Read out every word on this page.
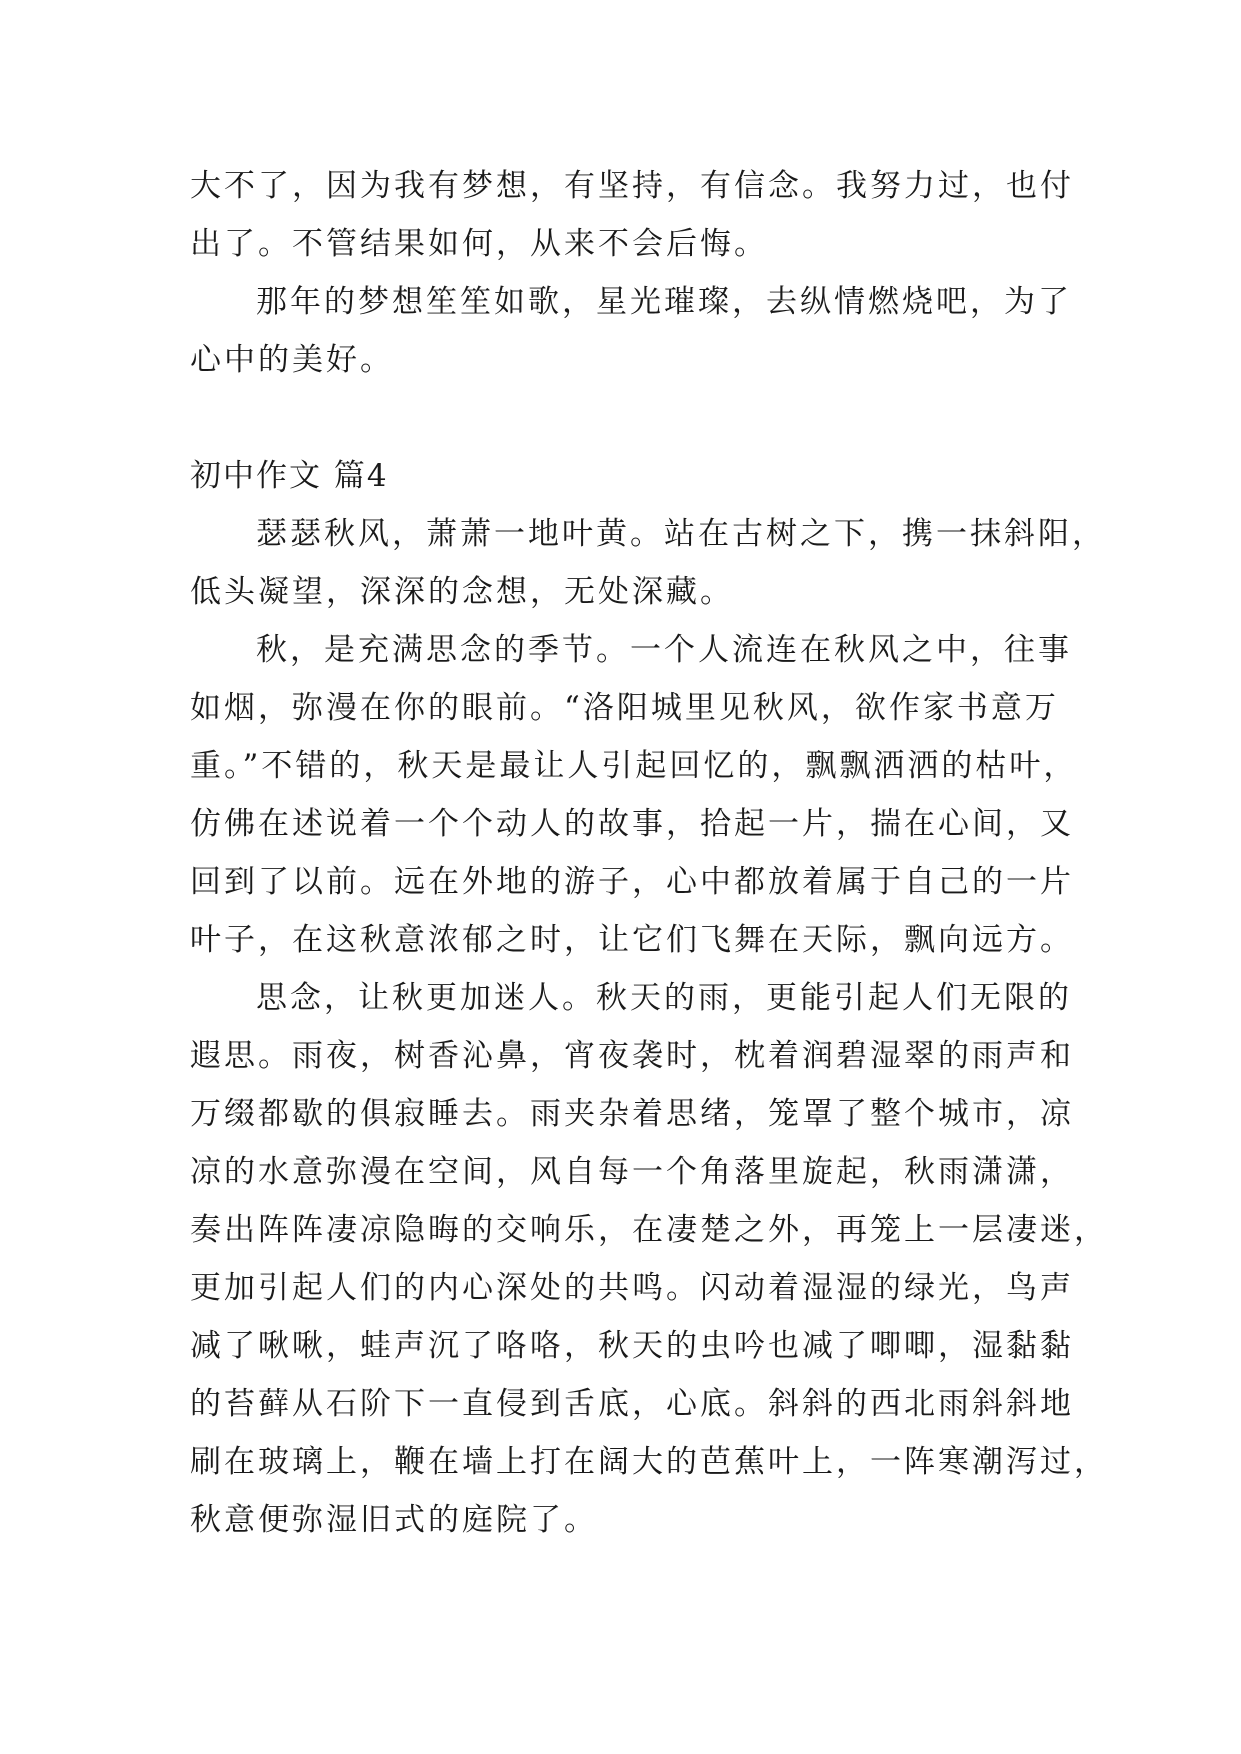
大不了，因为我有梦想，有坚持，有信念。我努力过，也付
出了。不管结果如何，从来不会后悔。
那年的梦想笙笙如歌，星光璀璨，去纵情燃烧吧，为了
心中的美好。
初中作文 篇4
瑟瑟秋风，萧萧一地叶黄。站在古树之下，携一抹斜阳，
低头凝望，深深的念想，无处深藏。
秋，是充满思念的季节。一个人流连在秋风之中，往事
如烟，弥漫在你的眼前。“洛阳城里见秋风，欲作家书意万
重。”不错的，秋天是最让人引起回忆的，飘飘洒洒的枯叶，
仿佛在述说着一个个动人的故事，拾起一片，揣在心间，又
回到了以前。远在外地的游子，心中都放着属于自己的一片
叶子，在这秋意浓郁之时，让它们飞舞在天际，飘向远方。
思念，让秋更加迷人。秋天的雨，更能引起人们无限的
遐思。雨夜，树香沁鼻，宵夜袭时，枕着润碧湿翠的雨声和
万缀都歇的俱寂睡去。雨夹杂着思绪，笼罩了整个城市，凉
凉的水意弥漫在空间，风自每一个角落里旋起，秋雨潇潇，
奏出阵阵凄凉隐晦的交响乐，在凄楚之外，再笼上一层凄迷，
更加引起人们的内心深处的共鸣。闪动着湿湿的绿光，鸟声
减了啾啾，蛙声沉了咯咯，秋天的虫吟也减了唧唧，湿黏黏
的苔藓从石阶下一直侵到舌底，心底。斜斜的西北雨斜斜地
刷在玻璃上，鞭在墙上打在阔大的芭蕉叶上，一阵寒潮泻过，
秋意便弥湿旧式的庭院了。
